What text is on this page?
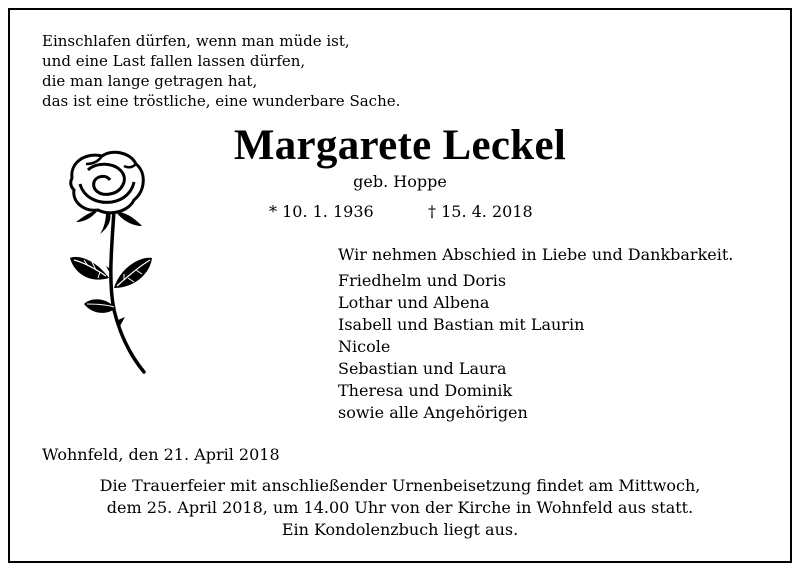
Einschlafen dürfen, wenn man müde ist,
und eine Last fallen lassen dürfen,
die man lange getragen hat,
das ist eine tröstliche, eine wunderbare Sache.
Margarete Leckel
geb. Hoppe
* 10. 1. 1936	† 15. 4. 2018
Wir nehmen Abschied in Liebe und Dankbarkeit.
Friedhelm und Doris
Lothar und Albena
Isabell und Bastian mit Laurin
Nicole
Sebastian und Laura
Theresa und Dominik
sowie alle Angehörigen
Wohnfeld, den 21. April 2018
Die Trauerfeier mit anschließender Urnenbeisetzung findet am Mittwoch,
dem 25. April 2018, um 14.00 Uhr von der Kirche in Wohnfeld aus statt.
Ein Kondolenzbuch liegt aus.
